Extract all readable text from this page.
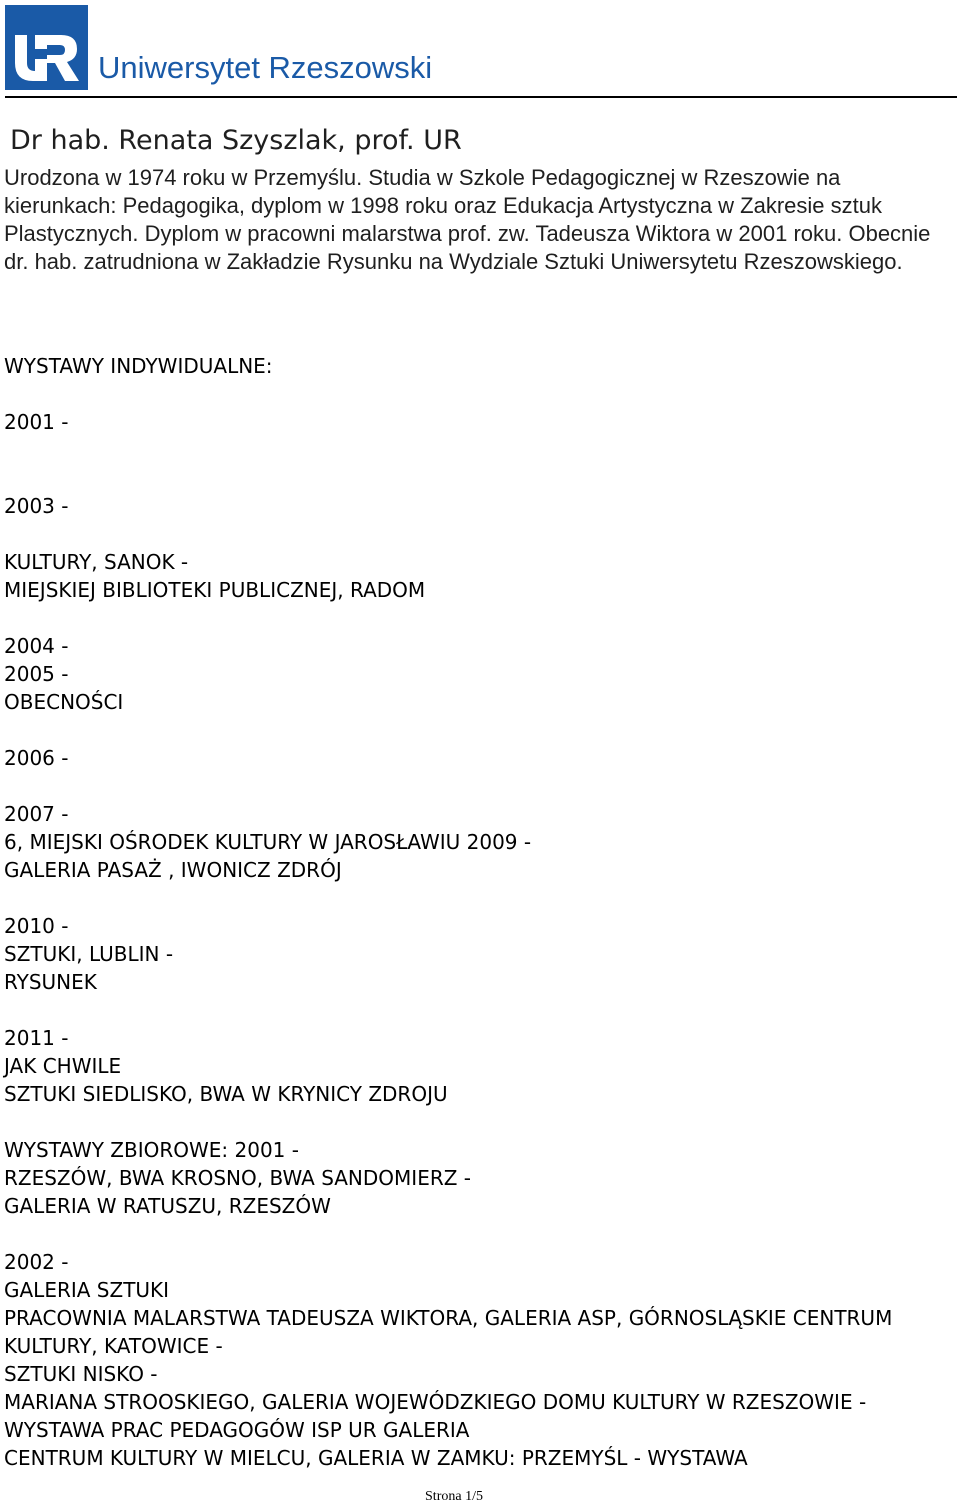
Uniwersytet Rzeszowski
Dr hab. Renata Szyszlak, prof. UR
Urodzona w 1974 roku w Przemyślu. Studia w Szkole Pedagogicznej w Rzeszowie na
kierunkach: Pedagogika, dyplom w 1998 roku oraz Edukacja Artystyczna w Zakresie sztuk
Plastycznych. Dyplom w pracowni malarstwa prof. zw. Tadeusza Wiktora w 2001 roku. Obecnie
dr. hab. zatrudniona w Zakładzie Rysunku na Wydziale Sztuki Uniwersytetu Rzeszowskiego.
WYSTAWY INDYWIDUALNE:
2001 -
2003 -
KULTURY, SANOK -
MIEJSKIEJ BIBLIOTEKI PUBLICZNEJ, RADOM
2004 -
2005 -
OBECNOŚCI
2006 -
2007 -
6, MIEJSKI OŚRODEK KULTURY W JAROSŁAWIU 2009 -
GALERIA PASAŻ , IWONICZ ZDRÓJ
2010 -
SZTUKI, LUBLIN -
RYSUNEK
2011 -
JAK CHWILE
SZTUKI SIEDLISKO, BWA W KRYNICY ZDROJU
WYSTAWY ZBIOROWE: 2001 -
RZESZÓW, BWA KROSNO, BWA SANDOMIERZ -
GALERIA W RATUSZU, RZESZÓW
2002 -
GALERIA SZTUKI
PRACOWNIA MALARSTWA TADEUSZA WIKTORA, GALERIA ASP, GÓRNOSLĄSKIE CENTRUM
KULTURY, KATOWICE -
SZTUKI NISKO -
MARIANA STROOSKIEGO, GALERIA WOJEWÓDZKIEGO DOMU KULTURY W RZESZOWIE -
WYSTAWA PRAC PEDAGOGÓW ISP UR GALERIA
CENTRUM KULTURY W MIELCU, GALERIA W ZAMKU: PRZEMYŚL - WYSTAWA
Strona 1/5
